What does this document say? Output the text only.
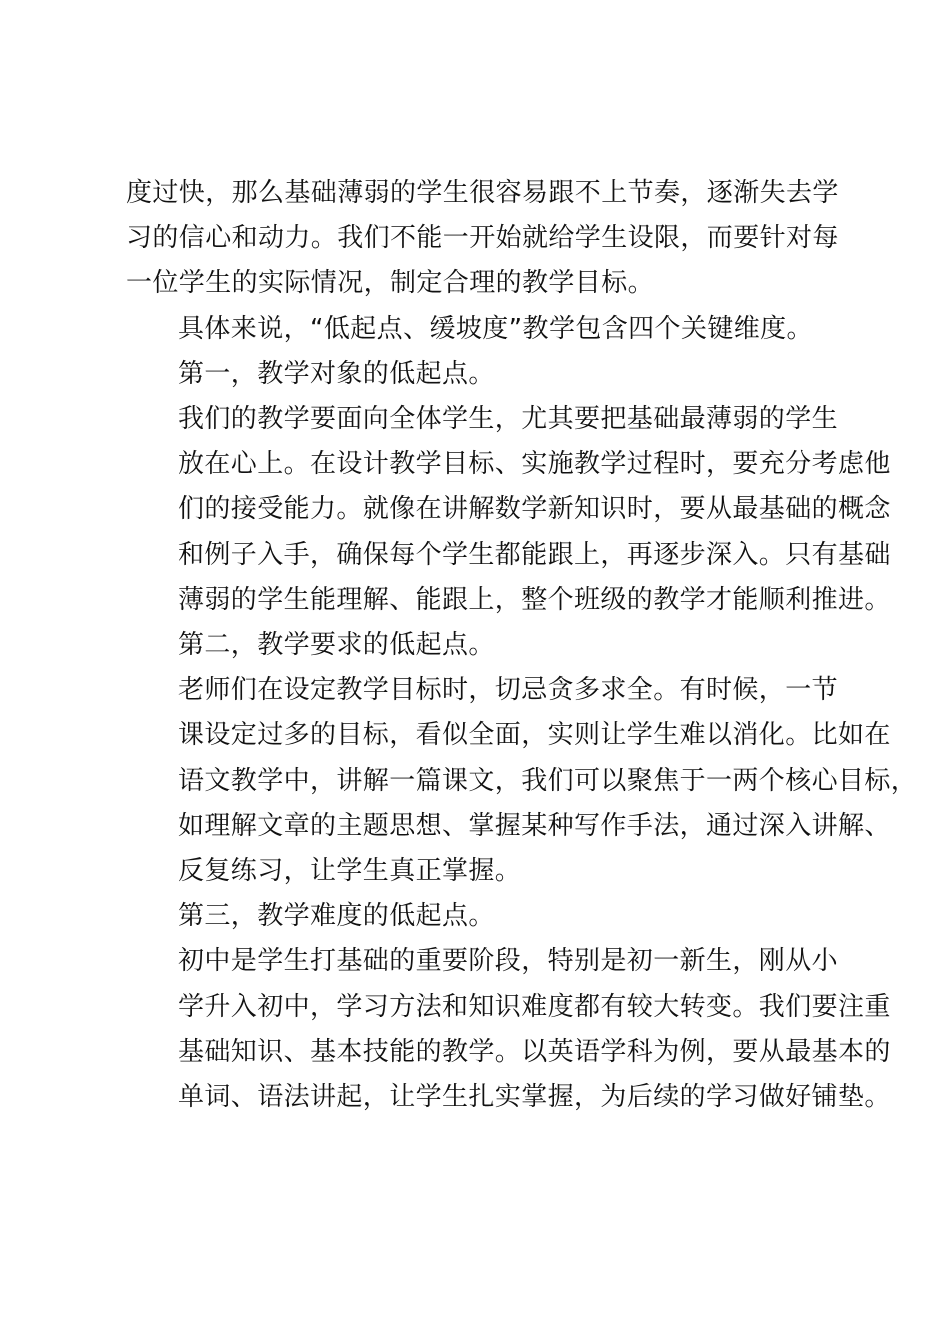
度过快，那么基础薄弱的学生很容易跟不上节奏，逐渐失去学
习的信心和动力。我们不能一开始就给学生设限，而要针对每
一位学生的实际情况，制定合理的教学目标。

具体来说，“低起点、缓坡度”教学包含四个关键维度。

第一，教学对象的低起点。

我们的教学要面向全体学生，尤其要把基础最薄弱的学生
放在心上。在设计教学目标、实施教学过程时，要充分考虑他
们的接受能力。就像在讲解数学新知识时，要从最基础的概念
和例子入手，确保每个学生都能跟上，再逐步深入。只有基础
薄弱的学生能理解、能跟上，整个班级的教学才能顺利推进。

第二，教学要求的低起点。

老师们在设定教学目标时，切忌贪多求全。有时候，一节
课设定过多的目标，看似全面，实则让学生难以消化。比如在
语文教学中，讲解一篇课文，我们可以聚焦于一两个核心目标，
如理解文章的主题思想、掌握某种写作手法，通过深入讲解、
反复练习，让学生真正掌握。

第三，教学难度的低起点。

初中是学生打基础的重要阶段，特别是初一新生，刚从小
学升入初中，学习方法和知识难度都有较大转变。我们要注重
基础知识、基本技能的教学。以英语学科为例，要从最基本的
单词、语法讲起，让学生扎实掌握，为后续的学习做好铺垫。
